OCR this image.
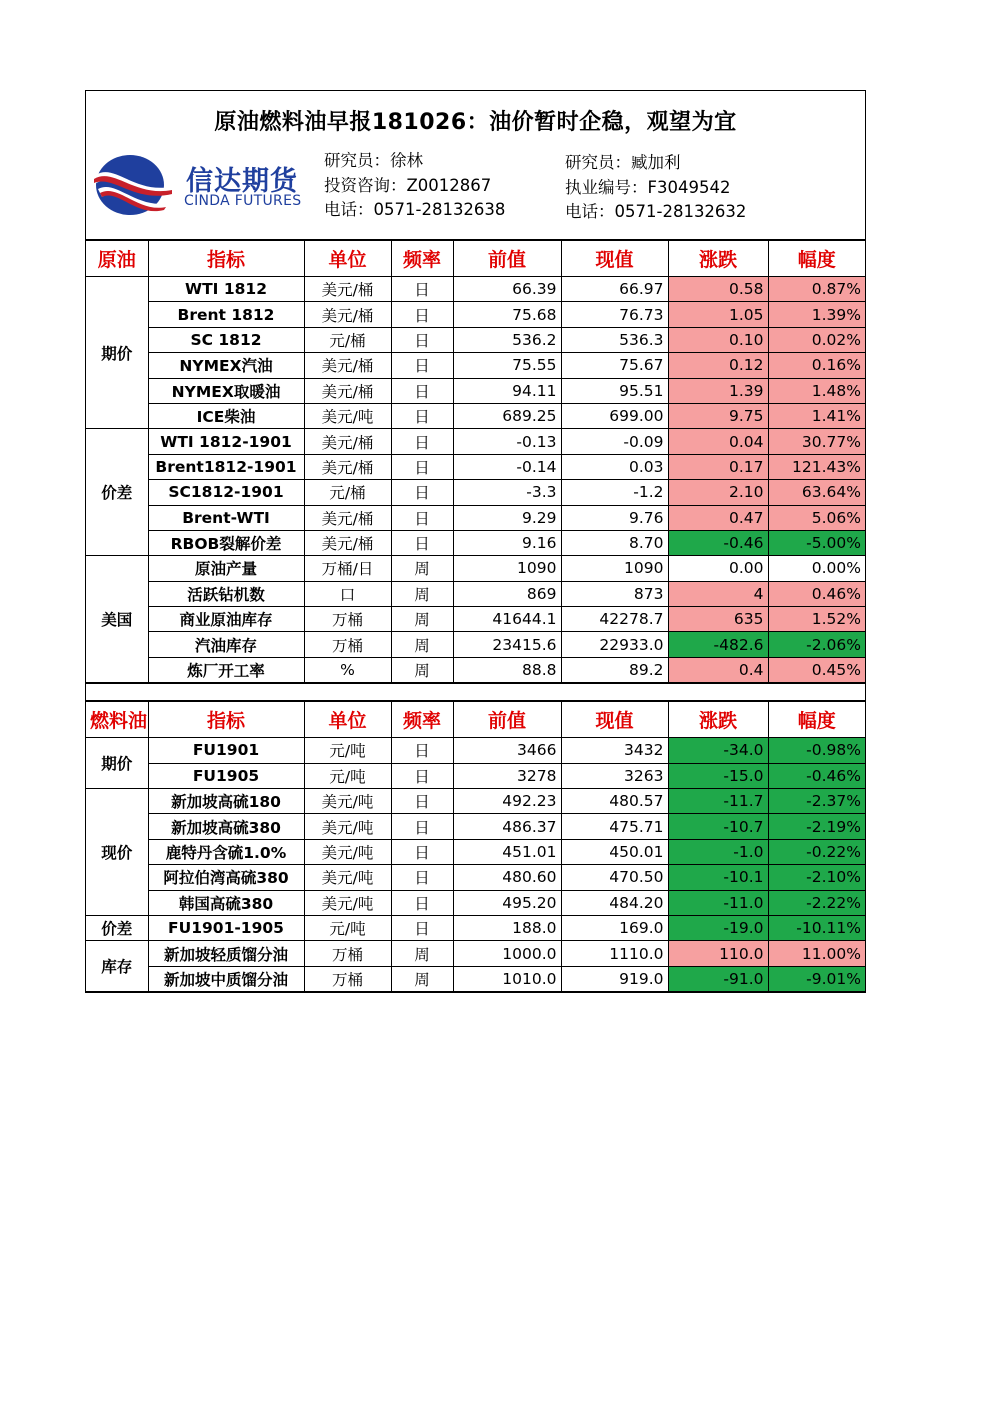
原油燃料油早报181026：油价暂时企稳，观望为宜
信达期货
CINDA FUTURES
研究员：徐林
投资咨询：Z0012867
电话：0571-28132638
研究员：臧加利
执业编号：F3049542
电话：0571-28132632
原油	指标	单位	频率	前值	现值	涨跌	幅度
期价	WTI 1812	美元/桶	日	66.39	66.97	0.58	0.87%
	Brent 1812	美元/桶	日	75.68	76.73	1.05	1.39%
	SC 1812	元/桶	日	536.2	536.3	0.10	0.02%
	NYMEX汽油	美元/桶	日	75.55	75.67	0.12	0.16%
	NYMEX取暖油	美元/桶	日	94.11	95.51	1.39	1.48%
	ICE柴油	美元/吨	日	689.25	699.00	9.75	1.41%
价差	WTI 1812-1901	美元/桶	日	-0.13	-0.09	0.04	30.77%
	Brent1812-1901	美元/桶	日	-0.14	0.03	0.17	121.43%
	SC1812-1901	元/桶	日	-3.3	-1.2	2.10	63.64%
	Brent-WTI	美元/桶	日	9.29	9.76	0.47	5.06%
	RBOB裂解价差	美元/桶	日	9.16	8.70	-0.46	-5.00%
美国	原油产量	万桶/日	周	1090	1090	0.00	0.00%
	活跃钻机数	口	周	869	873	4	0.46%
	商业原油库存	万桶	周	41644.1	42278.7	635	1.52%
	汽油库存	万桶	周	23415.6	22933.0	-482.6	-2.06%
	炼厂开工率	%	周	88.8	89.2	0.4	0.45%
燃料油	指标	单位	频率	前值	现值	涨跌	幅度
期价	FU1901	元/吨	日	3466	3432	-34.0	-0.98%
	FU1905	元/吨	日	3278	3263	-15.0	-0.46%
现价	新加坡高硫180	美元/吨	日	492.23	480.57	-11.7	-2.37%
	新加坡高硫380	美元/吨	日	486.37	475.71	-10.7	-2.19%
	鹿特丹含硫1.0%	美元/吨	日	451.01	450.01	-1.0	-0.22%
	阿拉伯湾高硫380	美元/吨	日	480.60	470.50	-10.1	-2.10%
	韩国高硫380	美元/吨	日	495.20	484.20	-11.0	-2.22%
价差	FU1901-1905	元/吨	日	188.0	169.0	-19.0	-10.11%
库存	新加坡轻质馏分油	万桶	周	1000.0	1110.0	110.0	11.00%
	新加坡中质馏分油	万桶	周	1010.0	919.0	-91.0	-9.01%
